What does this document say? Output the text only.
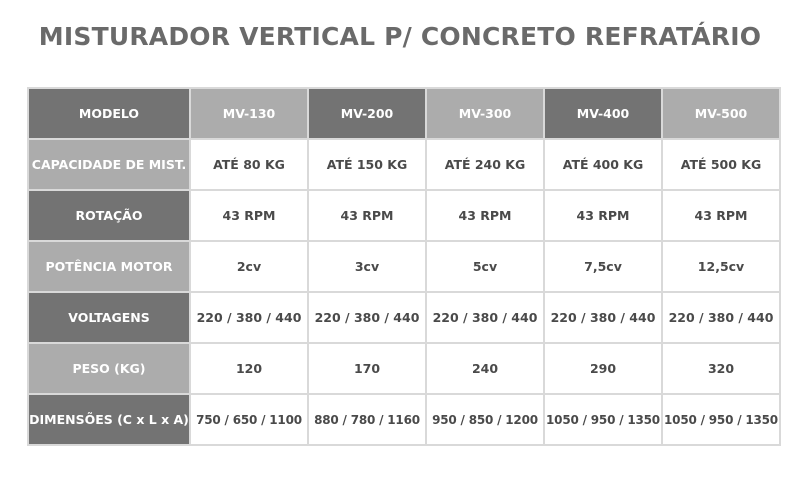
MISTURADOR VERTICAL P/ CONCRETO REFRATÁRIO
MODELO	MV-130	MV-200	MV-300	MV-400	MV-500
CAPACIDADE DE MIST.	ATÉ 80 KG	ATÉ 150 KG	ATÉ 240 KG	ATÉ 400 KG	ATÉ 500 KG
ROTAÇÃO	43 RPM	43 RPM	43 RPM	43 RPM	43 RPM
POTÊNCIA MOTOR	2cv	3cv	5cv	7,5cv	12,5cv
VOLTAGENS	220 / 380 / 440	220 / 380 / 440	220 / 380 / 440	220 / 380 / 440	220 / 380 / 440
PESO (KG)	120	170	240	290	320
DIMENSÕES (C x L x A)	750 / 650 / 1100	880 / 780 / 1160	950 / 850 / 1200	1050 / 950 / 1350	1050 / 950 / 1350
